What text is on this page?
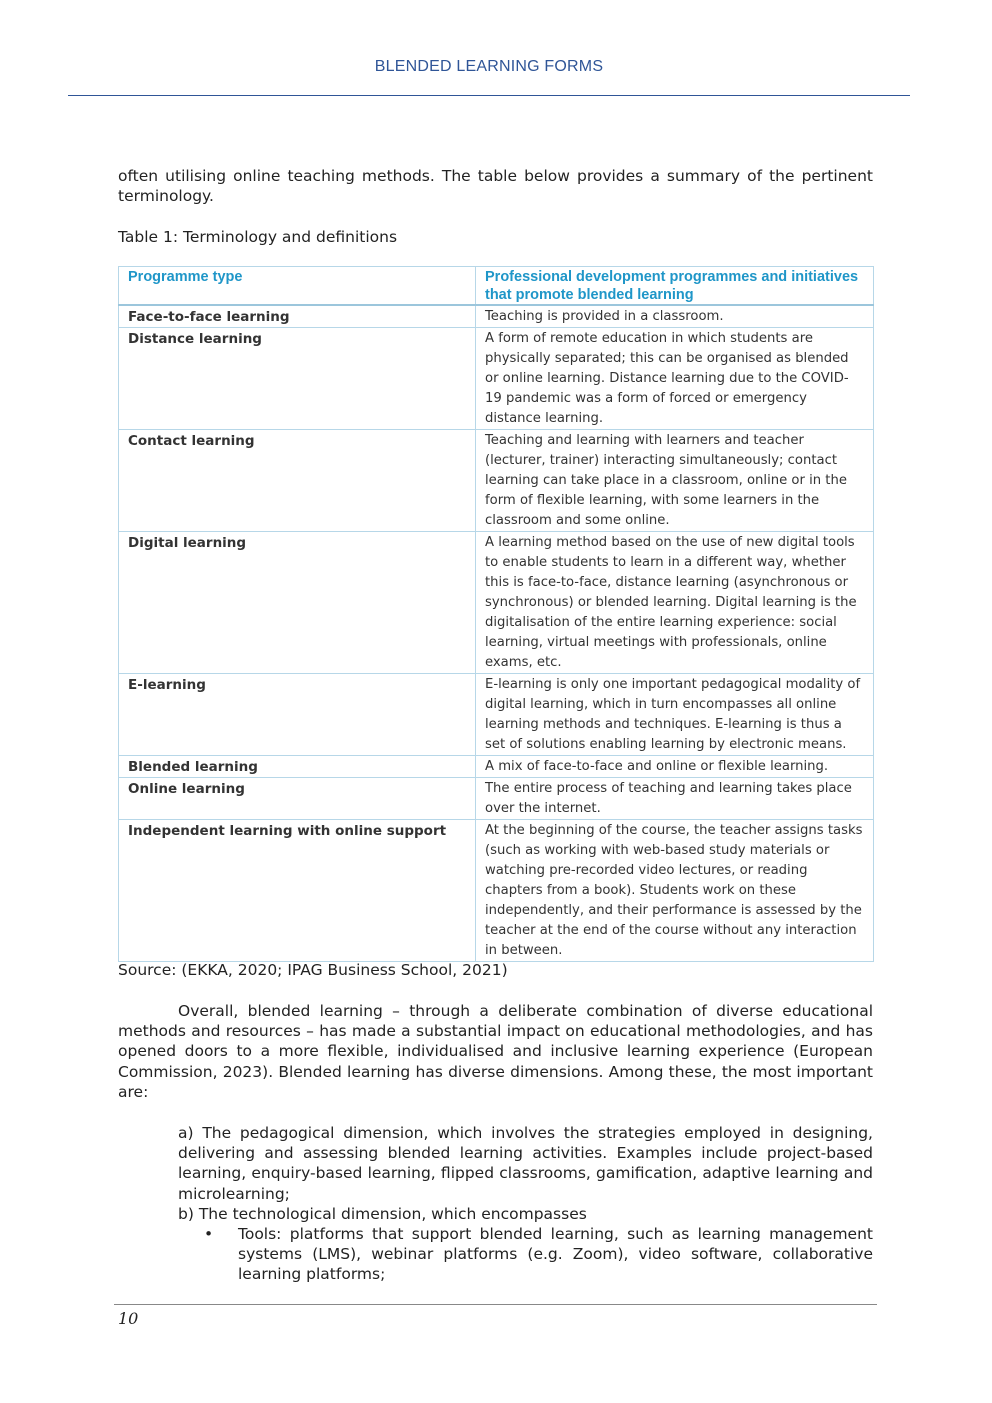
BLENDED LEARNING FORMS
often utilising online teaching methods. The table below provides a summary of the pertinent terminology.
Table 1: Terminology and definitions
Programme type	Professional development programmes and initiatives that promote blended learning
Face-to-face learning	Teaching is provided in a classroom.
Distance learning	A form of remote education in which students are physically separated; this can be organised as blended or online learning. Distance learning due to the COVID-19 pandemic was a form of forced or emergency distance learning.
Contact learning	Teaching and learning with learners and teacher (lecturer, trainer) interacting simultaneously; contact learning can take place in a classroom, online or in the form of flexible learning, with some learners in the classroom and some online.
Digital learning	A learning method based on the use of new digital tools to enable students to learn in a different way, whether this is face-to-face, distance learning (asynchronous or synchronous) or blended learning. Digital learning is the digitalisation of the entire learning experience: social learning, virtual meetings with professionals, online exams, etc.
E-learning	E-learning is only one important pedagogical modality of digital learning, which in turn encompasses all online learning methods and techniques. E-learning is thus a set of solutions enabling learning by electronic means.
Blended learning	A mix of face-to-face and online or flexible learning.
Online learning	The entire process of teaching and learning takes place over the internet.
Independent learning with online support	At the beginning of the course, the teacher assigns tasks (such as working with web-based study materials or watching pre-recorded video lectures, or reading chapters from a book). Students work on these independently, and their performance is assessed by the teacher at the end of the course without any interaction in between.
Source: (EKKA, 2020; IPAG Business School, 2021)
Overall, blended learning – through a deliberate combination of diverse educational methods and resources – has made a substantial impact on educational methodologies, and has opened doors to a more flexible, individualised and inclusive learning experience (European Commission, 2023). Blended learning has diverse dimensions. Among these, the most important are:
a) The pedagogical dimension, which involves the strategies employed in designing, delivering and assessing blended learning activities. Examples include project-based learning, enquiry-based learning, flipped classrooms, gamification, adaptive learning and microlearning;
b) The technological dimension, which encompasses
•	Tools: platforms that support blended learning, such as learning management systems (LMS), webinar platforms (e.g. Zoom), video software, collaborative learning platforms;
10
